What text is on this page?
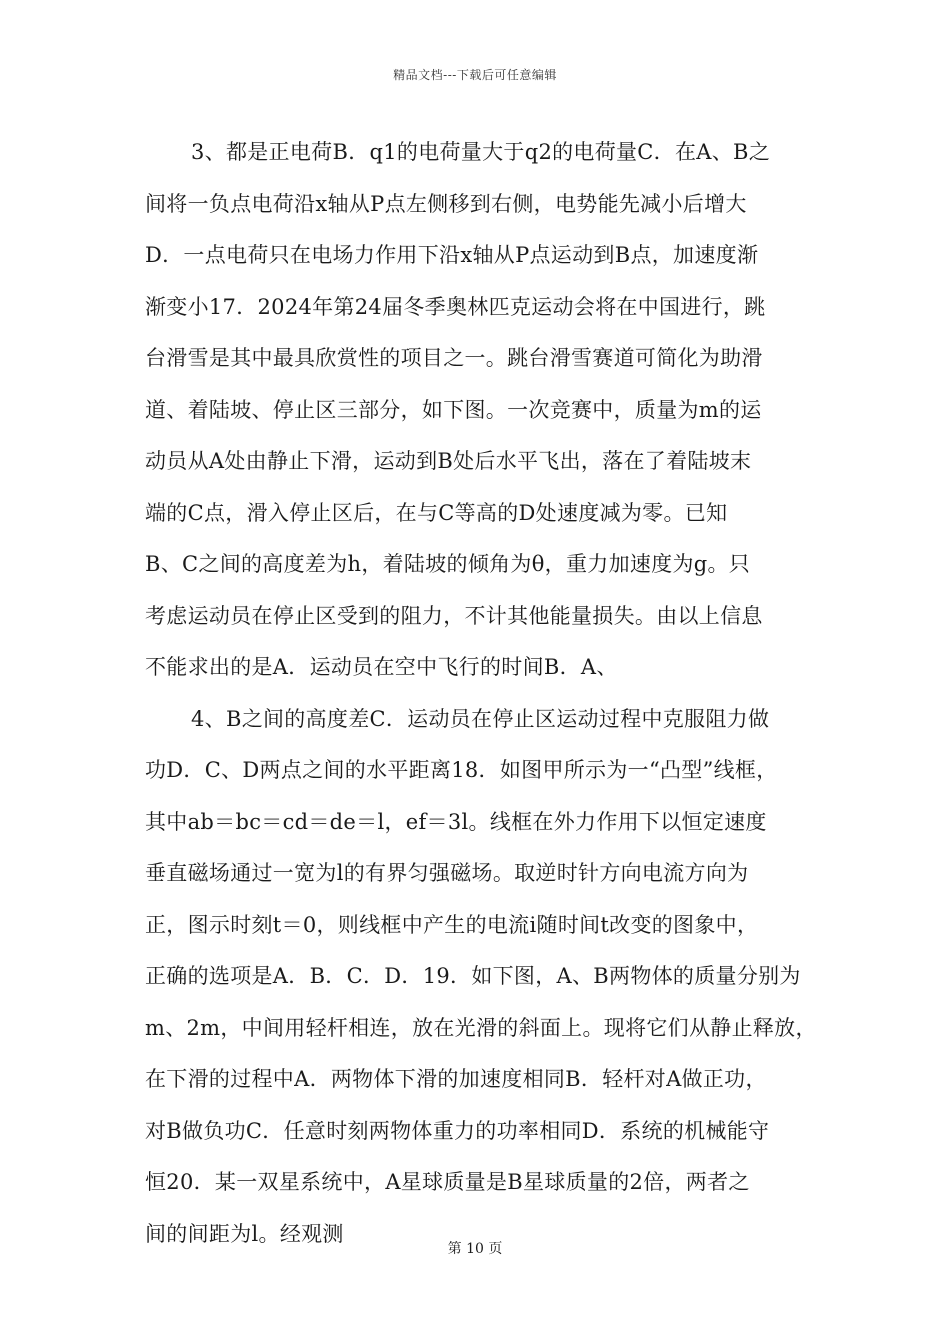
精品文档---下载后可任意编辑
3、都是正电荷B．q1的电荷量大于q2的电荷量C．在A、B之
间将一负点电荷沿x轴从P点左侧移到右侧，电势能先减小后增大
D．一点电荷只在电场力作用下沿x轴从P点运动到B点，加速度渐
渐变小17．2024年第24届冬季奥林匹克运动会将在中国进行，跳
台滑雪是其中最具欣赏性的项目之一。跳台滑雪赛道可简化为助滑
道、着陆坡、停止区三部分，如下图。一次竞赛中，质量为m的运
动员从A处由静止下滑，运动到B处后水平飞出，落在了着陆坡末
端的C点，滑入停止区后，在与C等高的D处速度减为零。已知
B、C之间的高度差为h，着陆坡的倾角为θ，重力加速度为g。只
考虑运动员在停止区受到的阻力，不计其他能量损失。由以上信息
不能求出的是A．运动员在空中飞行的时间B．A、
4、B之间的高度差C．运动员在停止区运动过程中克服阻力做
功D．C、D两点之间的水平距离18．如图甲所示为一“凸型”线框，
其中ab＝bc＝cd＝de＝l，ef＝3l。线框在外力作用下以恒定速度
垂直磁场通过一宽为l的有界匀强磁场。取逆时针方向电流方向为
正，图示时刻t＝0，则线框中产生的电流i随时间t改变的图象中，
正确的选项是A．B．C．D．19．如下图，A、B两物体的质量分别为
m、2m，中间用轻杆相连，放在光滑的斜面上。现将它们从静止释放，
在下滑的过程中A．两物体下滑的加速度相同B．轻杆对A做正功，
对B做负功C．任意时刻两物体重力的功率相同D．系统的机械能守
恒20．某一双星系统中，A星球质量是B星球质量的2倍，两者之
间的间距为l。经观测
第 10 页
